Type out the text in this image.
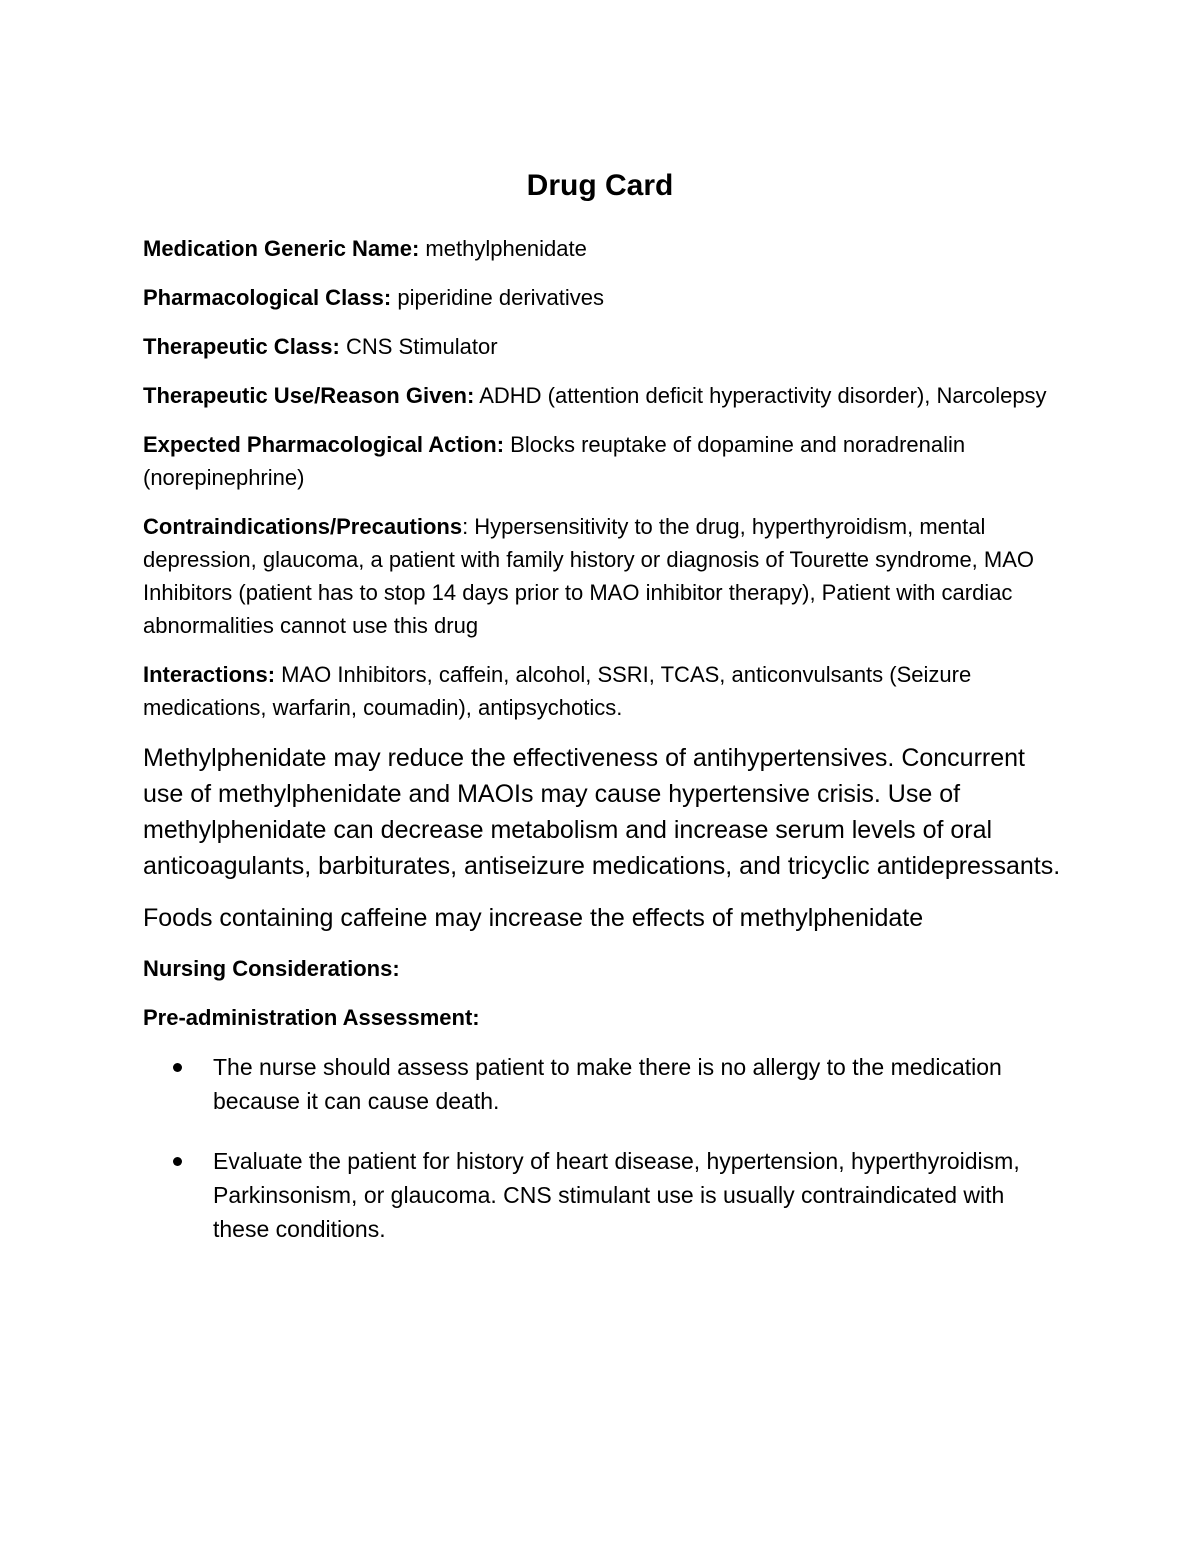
Drug Card

Medication Generic Name: methylphenidate

Pharmacological Class: piperidine derivatives

Therapeutic Class: CNS Stimulator

Therapeutic Use/Reason Given: ADHD (attention deficit hyperactivity disorder), Narcolepsy

Expected Pharmacological Action: Blocks reuptake of dopamine and noradrenalin (norepinephrine)

Contraindications/Precautions: Hypersensitivity to the drug, hyperthyroidism, mental depression, glaucoma, a patient with family history or diagnosis of Tourette syndrome, MAO Inhibitors (patient has to stop 14 days prior to MAO inhibitor therapy), Patient with cardiac abnormalities cannot use this drug

Interactions: MAO Inhibitors, caffein, alcohol, SSRI, TCAS, anticonvulsants (Seizure medications, warfarin, coumadin), antipsychotics.

Methylphenidate may reduce the effectiveness of antihypertensives. Concurrent use of methylphenidate and MAOIs may cause hypertensive crisis. Use of methylphenidate can decrease metabolism and increase serum levels of oral anticoagulants, barbiturates, antiseizure medications, and tricyclic antidepressants.

Foods containing caffeine may increase the effects of methylphenidate

Nursing Considerations:

Pre-administration Assessment:

The nurse should assess patient to make there is no allergy to the medication because it can cause death.
Evaluate the patient for history of heart disease, hypertension, hyperthyroidism, Parkinsonism, or glaucoma. CNS stimulant use is usually contraindicated with these conditions.
